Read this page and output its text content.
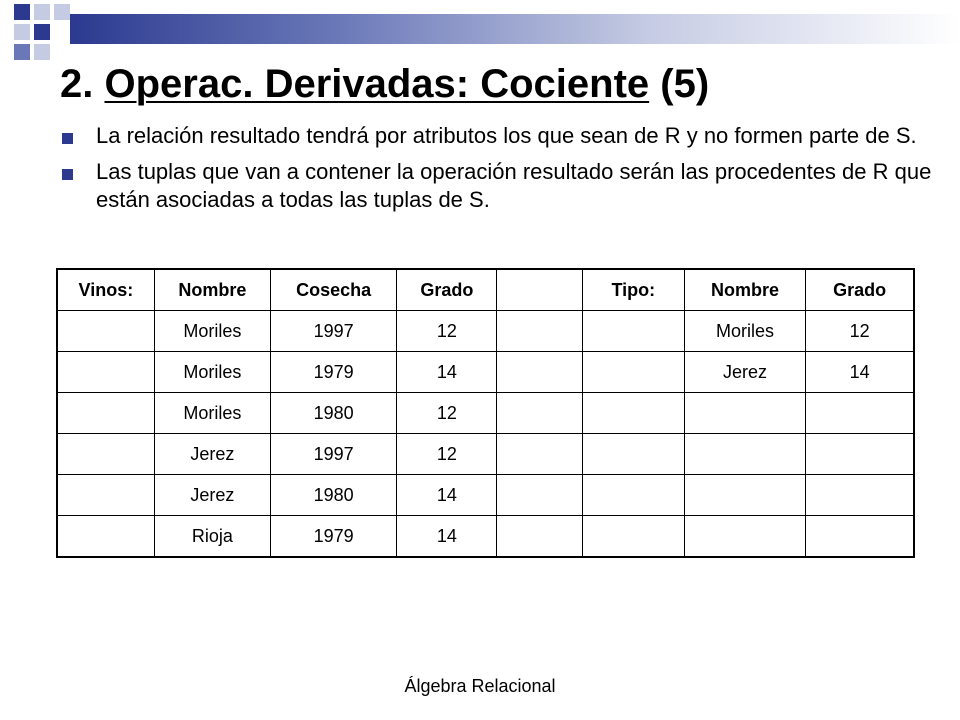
2. Operac. Derivadas: Cociente (5)
La relación resultado tendrá por atributos los que sean de R y no formen parte de S.
Las tuplas que van a contener la operación resultado serán las procedentes de R que están asociadas a todas las tuplas de S.
Vinos:	Nombre	Cosecha	Grado		Tipo:	Nombre	Grado
	Moriles	1997	12			Moriles	12
	Moriles	1979	14			Jerez	14
	Moriles	1980	12				
	Jerez	1997	12				
	Jerez	1980	14				
	Rioja	1979	14				
Álgebra Relacional
